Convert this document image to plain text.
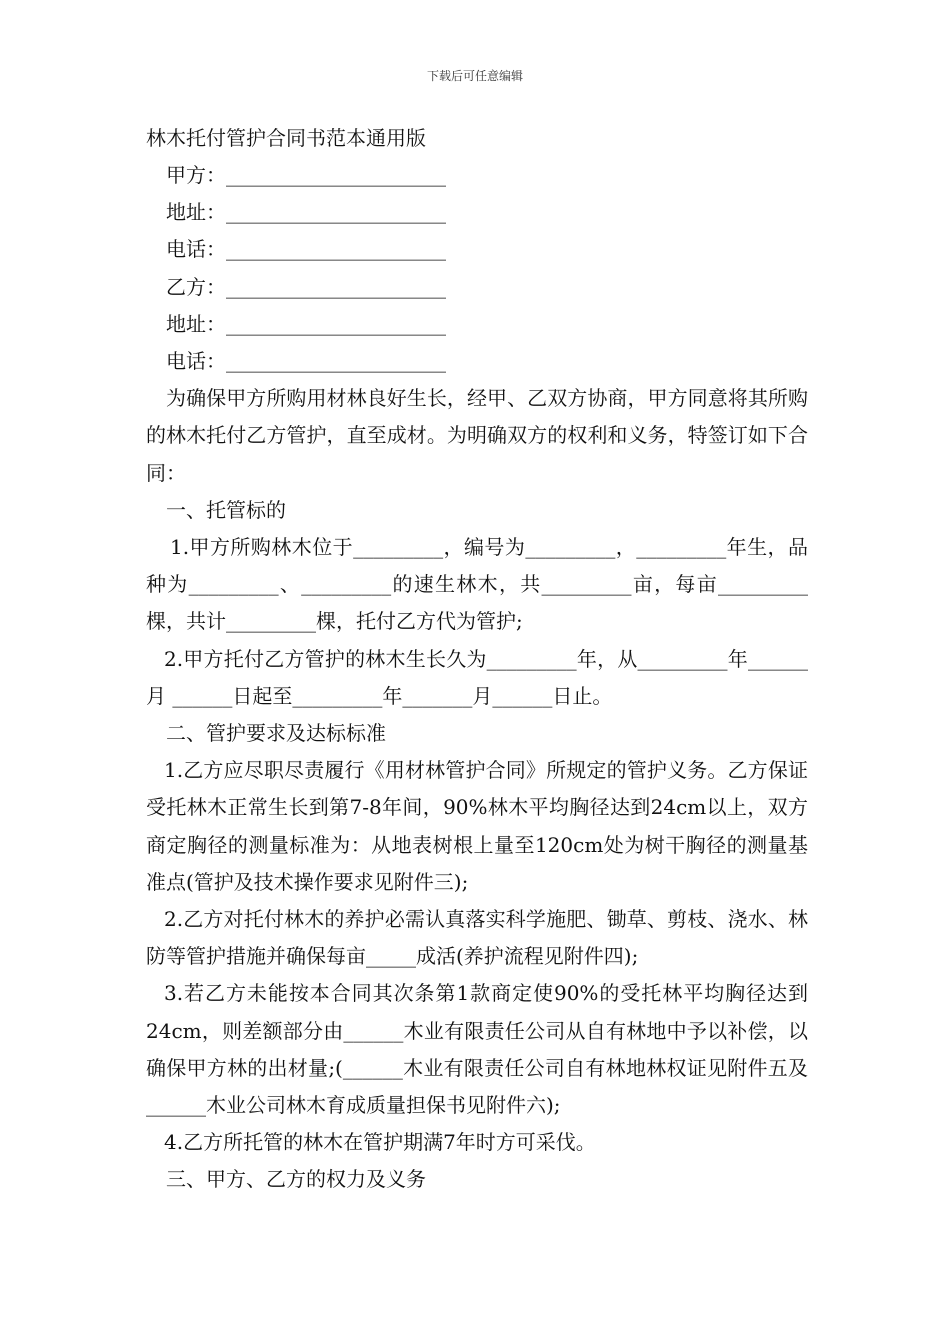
下载后可任意编辑
林木托付管护合同书范本通用版
甲方：______________________
地址：______________________
电话：______________________
乙方：______________________
地址：______________________
电话：______________________
为确保甲方所购用材林良好生长，经甲、乙双方协商，甲方同意将其所购的林木托付乙方管护，直至成材。为明确双方的权利和义务，特签订如下合同：
一、托管标的
1.甲方所购林木位于_________，编号为_________，_________年生，品种为_________、_________的速生林木，共_________亩，每亩_________棵，共计_________棵，托付乙方代为管护;
2.甲方托付乙方管护的林木生长久为_________年，从_________年______月 ______日起至_________年_______月______日止。
二、管护要求及达标标准
1.乙方应尽职尽责履行《用材林管护合同》所规定的管护义务。乙方保证受托林木正常生长到第7-8年间，90%林木平均胸径达到24cm以上，双方商定胸径的测量标准为：从地表树根上量至120cm处为树干胸径的测量基准点(管护及技术操作要求见附件三);
2.乙方对托付林木的养护必需认真落实科学施肥、锄草、剪枝、浇水、林防等管护措施并确保每亩_____成活(养护流程见附件四);
3.若乙方未能按本合同其次条第1款商定使90%的受托林平均胸径达到24cm，则差额部分由______木业有限责任公司从自有林地中予以补偿，以确保甲方林的出材量;(______木业有限责任公司自有林地林权证见附件五及______木业公司林木育成质量担保书见附件六);
4.乙方所托管的林木在管护期满7年时方可采伐。
三、甲方、乙方的权力及义务
